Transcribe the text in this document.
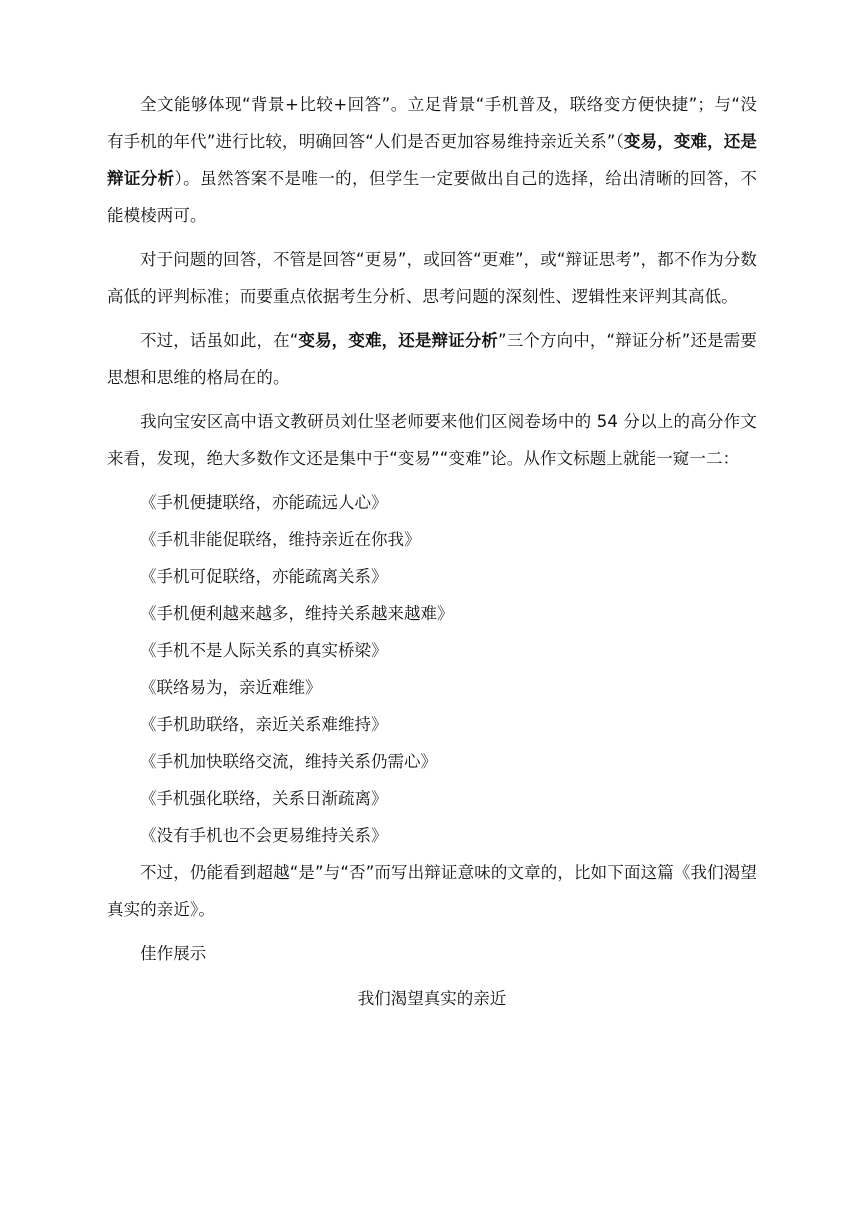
全文能够体现“背景+比较+回答”。立足背景“手机普及，联络变方便快捷”；与“没有手机的年代”进行比较，明确回答“人们是否更加容易维持亲近关系”（变易，变难，还是辩证分析）。虽然答案不是唯一的，但学生一定要做出自己的选择，给出清晰的回答，不能模棱两可。

对于问题的回答，不管是回答“更易”，或回答“更难”，或“辩证思考”，都不作为分数高低的评判标准；而要重点依据考生分析、思考问题的深刻性、逻辑性来评判其高低。

不过，话虽如此，在“变易，变难，还是辩证分析”三个方向中，“辩证分析”还是需要思想和思维的格局在的。

我向宝安区高中语文教研员刘仕坚老师要来他们区阅卷场中的 54 分以上的高分作文来看，发现，绝大多数作文还是集中于“变易”“变难”论。从作文标题上就能一窥一二：

《手机便捷联络，亦能疏远人心》

《手机非能促联络，维持亲近在你我》

《手机可促联络，亦能疏离关系》

《手机便利越来越多，维持关系越来越难》

《手机不是人际关系的真实桥梁》

《联络易为，亲近难维》

《手机助联络，亲近关系难维持》

《手机加快联络交流，维持关系仍需心》

《手机强化联络，关系日渐疏离》

《没有手机也不会更易维持关系》

不过，仍能看到超越“是”与“否”而写出辩证意味的文章的，比如下面这篇《我们渴望真实的亲近》。

佳作展示

我们渴望真实的亲近
